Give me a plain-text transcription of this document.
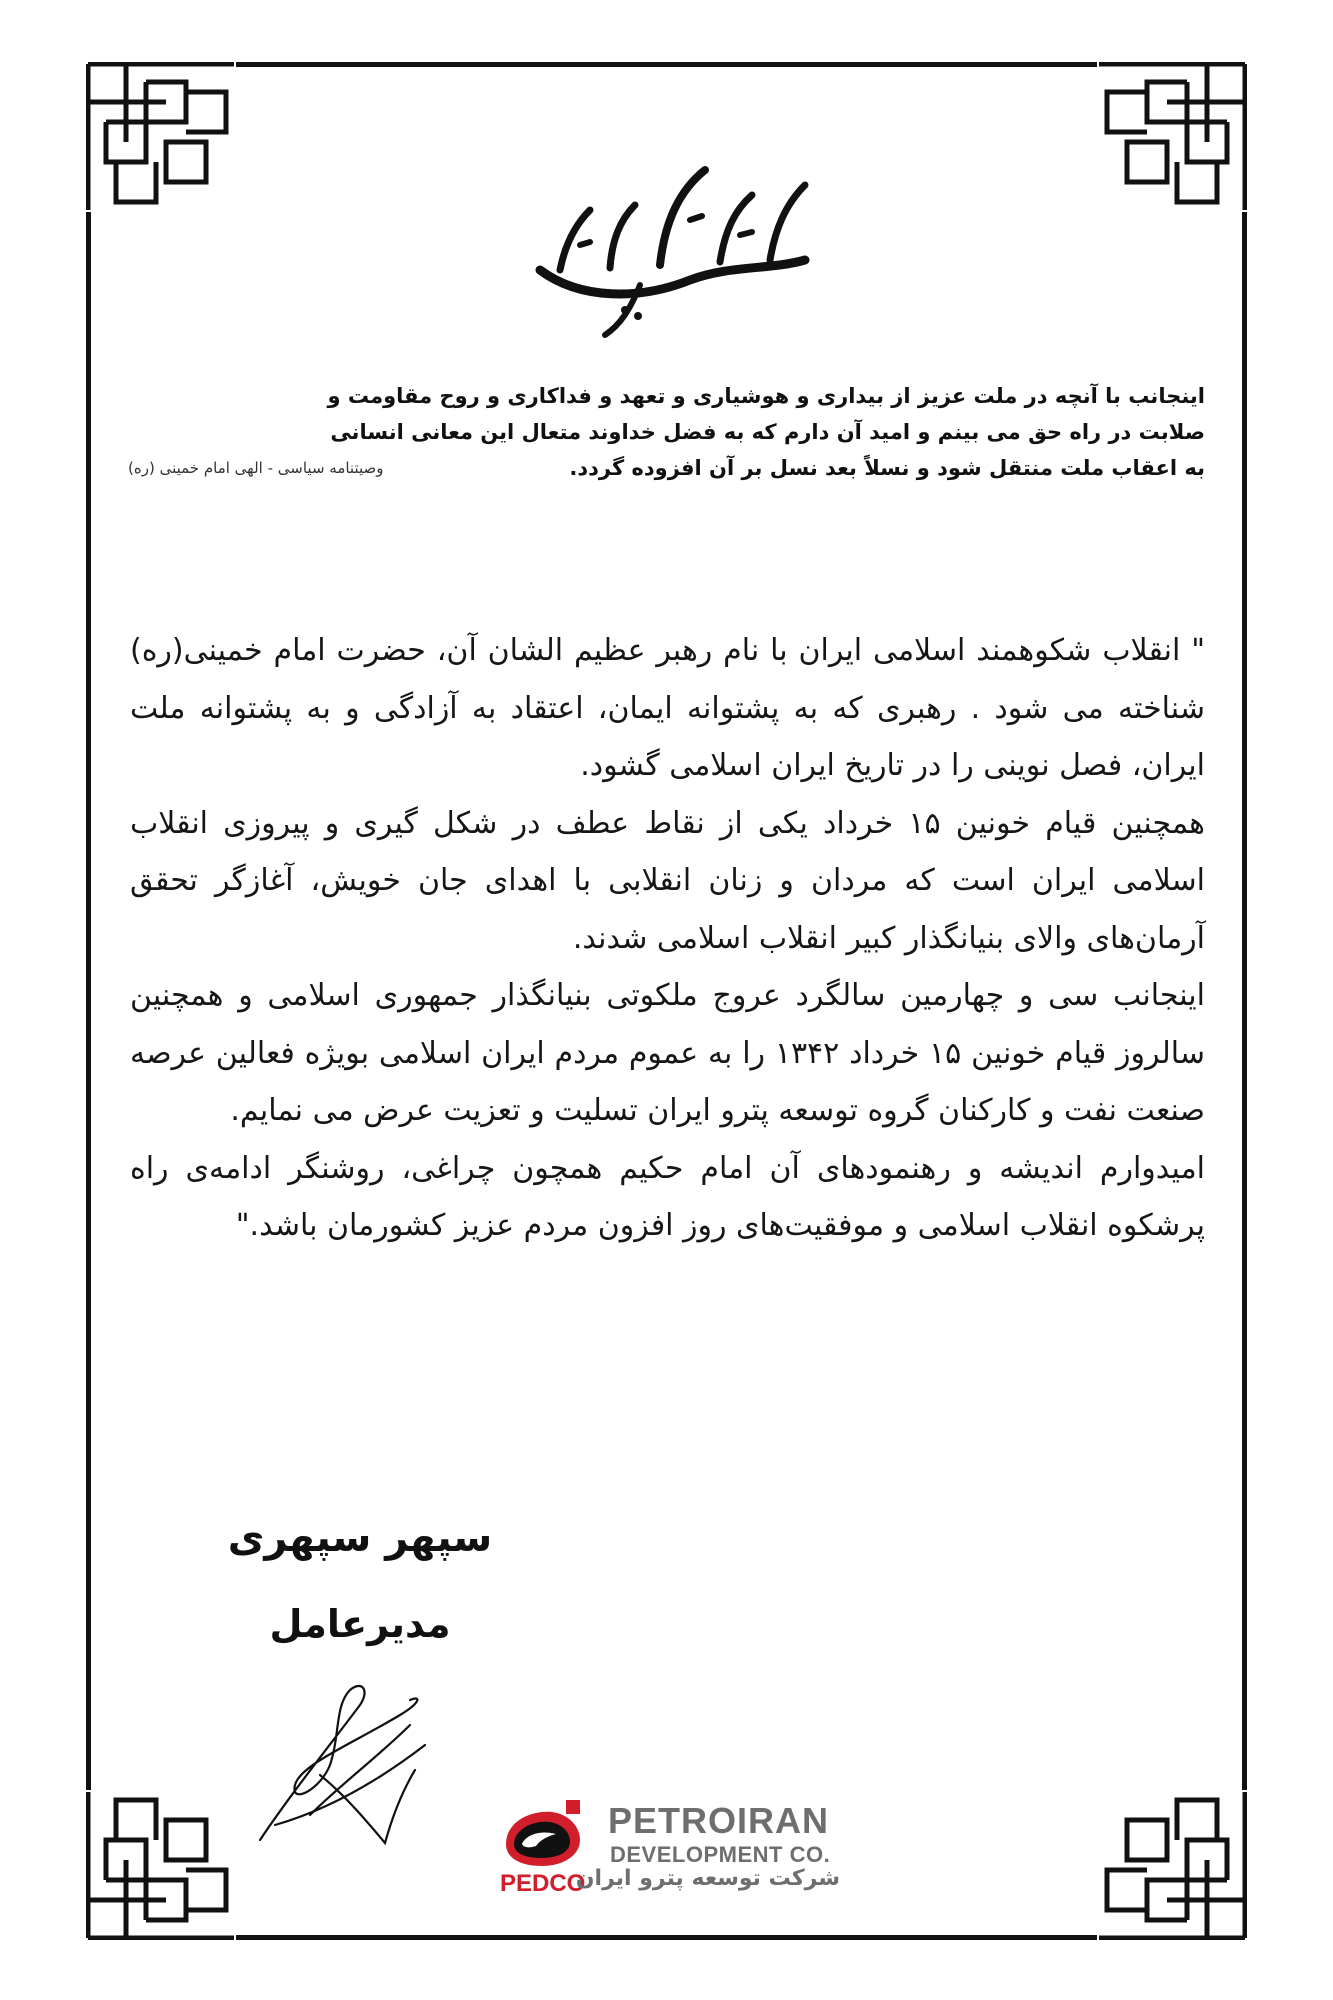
اینجانب با آنچه در ملت عزیز از بیداری و هوشیاری و تعهد و فداکاری و روح مقاومت و
صلابت در راه حق می بینم و امید آن دارم که به فضل خداوند متعال این معانی انسانی
به اعقاب ملت منتقل شود و نسلاً بعد نسل بر آن افزوده گردد.
وصیتنامه سیاسی - الهی امام خمینی (ره)

" انقلاب شکوهمند اسلامی ایران با نام رهبر عظیم الشان آن، حضرت امام خمینی(ره) شناخته می شود . رهبری که به پشتوانه ایمان، اعتقاد به آزادگی و به پشتوانه ملت ایران، فصل نوینی را در تاریخ ایران اسلامی گشود.

همچنین قیام خونین ۱۵ خرداد یکی از نقاط عطف در شکل گیری و پیروزی انقلاب اسلامی ایران است که مردان و زنان انقلابی با اهدای جان خویش، آغازگر تحقق آرمان‌های والای بنیانگذار کبیر انقلاب اسلامی شدند.

اینجانب سی و چهارمین سالگرد عروج ملکوتی بنیانگذار جمهوری اسلامی و همچنین سالروز قیام خونین ۱۵ خرداد ۱۳۴۲ را به عموم مردم ایران اسلامی بویژه فعالین عرصه صنعت نفت و کارکنان گروه توسعه پترو ایران تسلیت و تعزیت عرض می نمایم.

امیدوارم اندیشه و رهنمودهای آن امام حکیم همچون چراغی، روشنگر ادامه‌ی راه پرشکوه انقلاب اسلامی و موفقیت‌های روز افزون مردم عزیز کشورمان باشد."

سپهر سپهری
مدیرعامل
PEDCO
PETROIRAN
DEVELOPMENT CO.
شرکت توسعه پترو ایران
